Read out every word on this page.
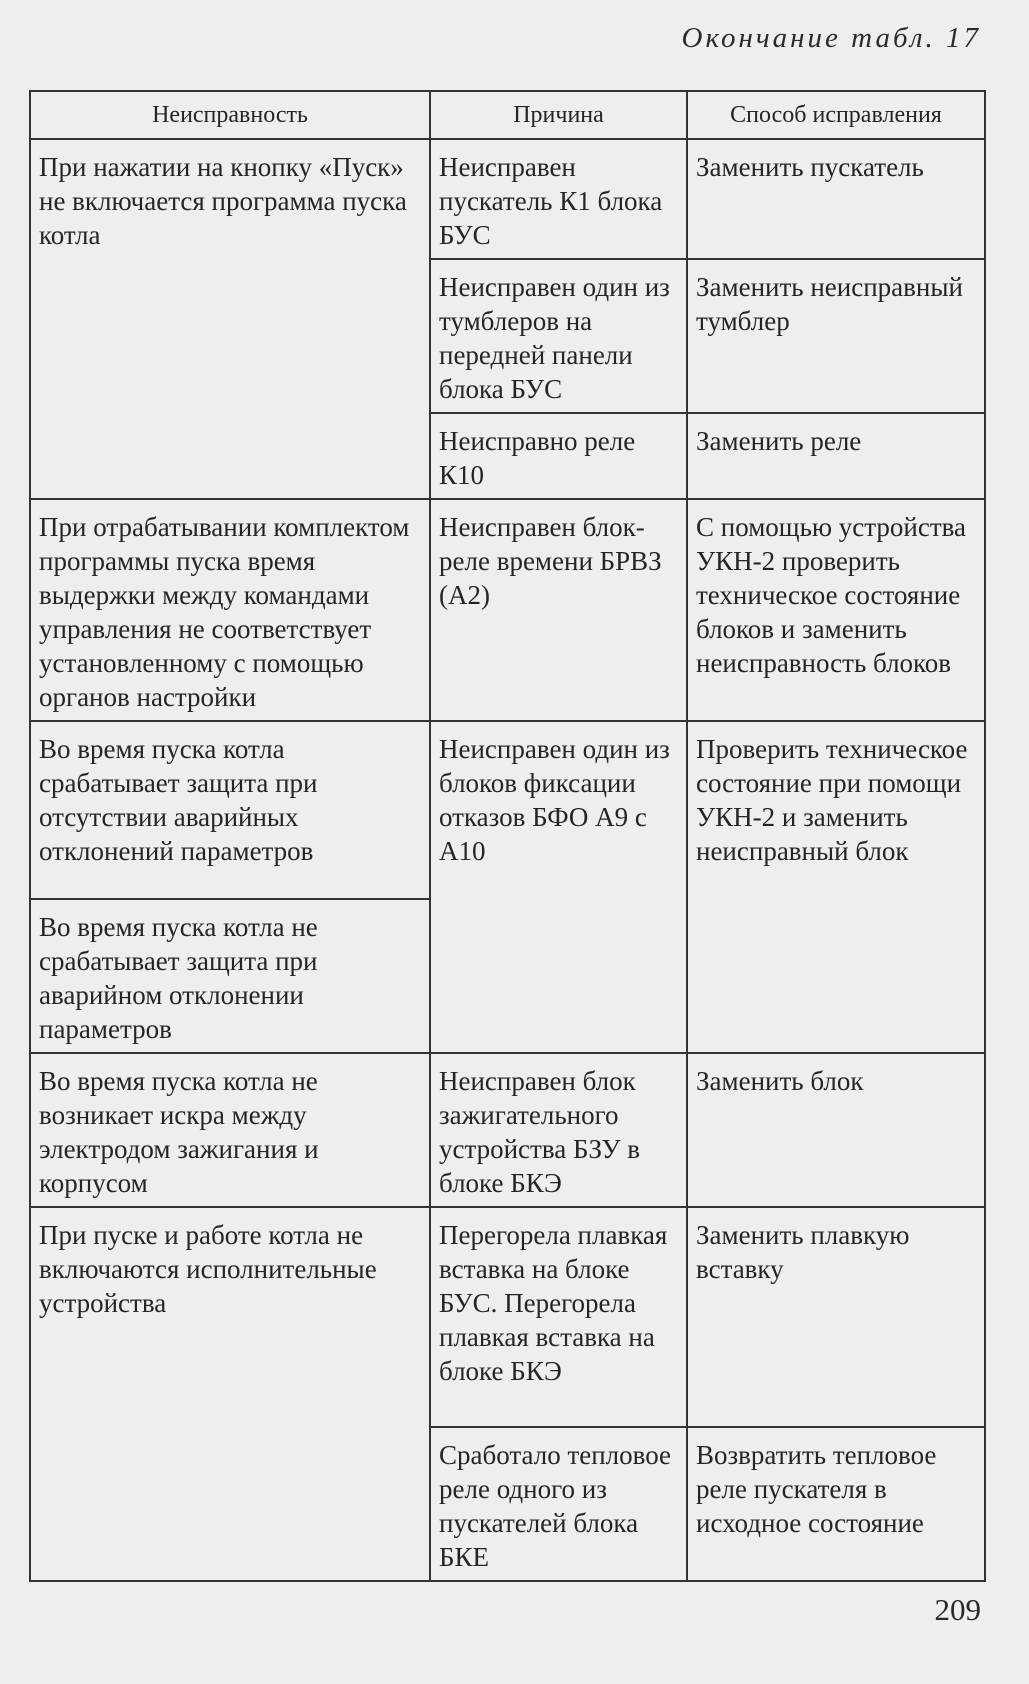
Окончание табл. 17
Неисправность	Причина	Способ исправления
При нажатии на кнопку «Пуск» не включается программа пуска котла	Неисправен пускатель К1 блока БУС	Заменить пускатель
	Неисправен один из тумблеров на передней панели блока БУС	Заменить неисправный тумблер
	Неисправно реле К10	Заменить реле
При отрабатывании комплектом программы пуска время выдержки между командами управления не соответствует установленному с помощью органов настройки	Неисправен блок-реле времени БРВЗ (А2)	С помощью устройства УКН-2 проверить техническое состояние блоков и заменить неисправность блоков
Во время пуска котла срабатывает защита при отсутствии аварийных отклонений параметров	Неисправен один из блоков фиксации отказов БФО А9 с А10	Проверить техническое состояние при помощи УКН-2 и заменить неисправный блок
Во время пуска котла не срабатывает защита при аварийном отклонении параметров		
Во время пуска котла не возникает искра между электродом зажигания и корпусом	Неисправен блок зажигательного устройства БЗУ в блоке БКЭ	Заменить блок
При пуске и работе котла не включаются исполнительные устройства	Перегорела плавкая вставка на блоке БУС. Перегорела плавкая вставка на блоке БКЭ	Заменить плавкую вставку
	Сработало тепловое реле одного из пускателей блока БКЕ	Возвратить тепловое реле пускателя в исходное состояние
209
